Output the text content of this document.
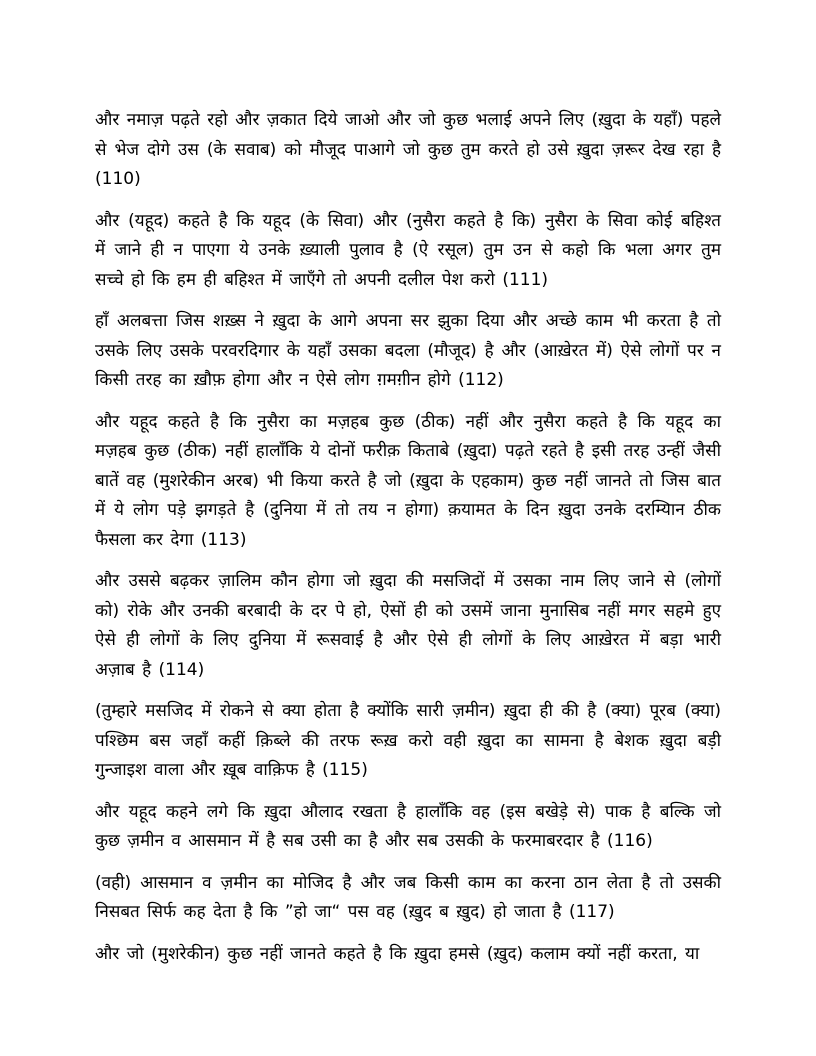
और नमाज़ पढ़ते रहो और ज़कात दिये जाओ और जो कुछ भलाई अपने लिए (ख़ुदा के यहाँ) पहले
से भेज दोगे उस (के सवाब) को मौजूद पाआगे जो कुछ तुम करते हो उसे ख़ुदा ज़रूर देख रहा है
(110)

और (यहूद) कहते है कि यहूद (के सिवा) और (नुसैरा कहते है कि) नुसैरा के सिवा कोई बहिश्त
में जाने ही न पाएगा ये उनके ख़्याली पुलाव है (ऐ रसूल) तुम उन से कहो कि भला अगर तुम
सच्चे हो कि हम ही बहिश्त में जाएँगे तो अपनी दलील पेश करो (111)

हाँ अलबत्ता जिस शख़्स ने ख़ुदा के आगे अपना सर झुका दिया और अच्छे काम भी करता है तो
उसके लिए उसके परवरदिगार के यहाँ उसका बदला (मौजूद) है और (आख़ेरत में) ऐसे लोगों पर न
किसी तरह का ख़ौफ़ होगा और न ऐसे लोग ग़मग़ीन होगे (112)

और यहूद कहते है कि नुसैरा का मज़हब कुछ (ठीक) नहीं और नुसैरा कहते है कि यहूद का
मज़हब कुछ (ठीक) नहीं हालाँकि ये दोनों फरीक़ किताबे (ख़ुदा) पढ़ते रहते है इसी तरह उन्हीं जैसी
बातें वह (मुशरेकीन अरब) भी किया करते है जो (ख़ुदा के एहकाम) कुछ नहीं जानते तो जिस बात
में ये लोग पड़े झगड़ते है (दुनिया में तो तय न होगा) क़यामत के दिन ख़ुदा उनके दरम्यिान ठीक
फैसला कर देगा (113)

और उससे बढ़कर ज़ालिम कौन होगा जो ख़ुदा की मसजिदों में उसका नाम लिए जाने से (लोगों
को) रोके और उनकी बरबादी के दर पे हो, ऐसों ही को उसमें जाना मुनासिब नहीं मगर सहमे हुए
ऐसे ही लोगों के लिए दुनिया में रूसवाई है और ऐसे ही लोगों के लिए आख़ेरत में बड़ा भारी
अज़ाब है (114)

(तुम्हारे मसजिद में रोकने से क्या होता है क्योंकि सारी ज़मीन) ख़ुदा ही की है (क्या) पूरब (क्या)
पश्छिम बस जहाँ कहीं क़िब्ले की तरफ रूख़ करो वही ख़ुदा का सामना है बेशक ख़ुदा बड़ी
गुन्जाइश वाला और ख़ूब वाक़िफ है (115)

और यहूद कहने लगे कि ख़ुदा औलाद रखता है हालाँकि वह (इस बखेड़े से) पाक है बल्कि जो
कुछ ज़मीन व आसमान में है सब उसी का है और सब उसकी के फरमाबरदार है (116)

(वही) आसमान व ज़मीन का मोजिद है और जब किसी काम का करना ठान लेता है तो उसकी
निसबत सिर्फ कह देता है कि ”हो जा“ पस वह (ख़ुद ब ख़ुद) हो जाता है (117)

और जो (मुशरेकीन) कुछ नहीं जानते कहते है कि ख़ुदा हमसे (ख़ुद) कलाम क्यों नहीं करता, या
